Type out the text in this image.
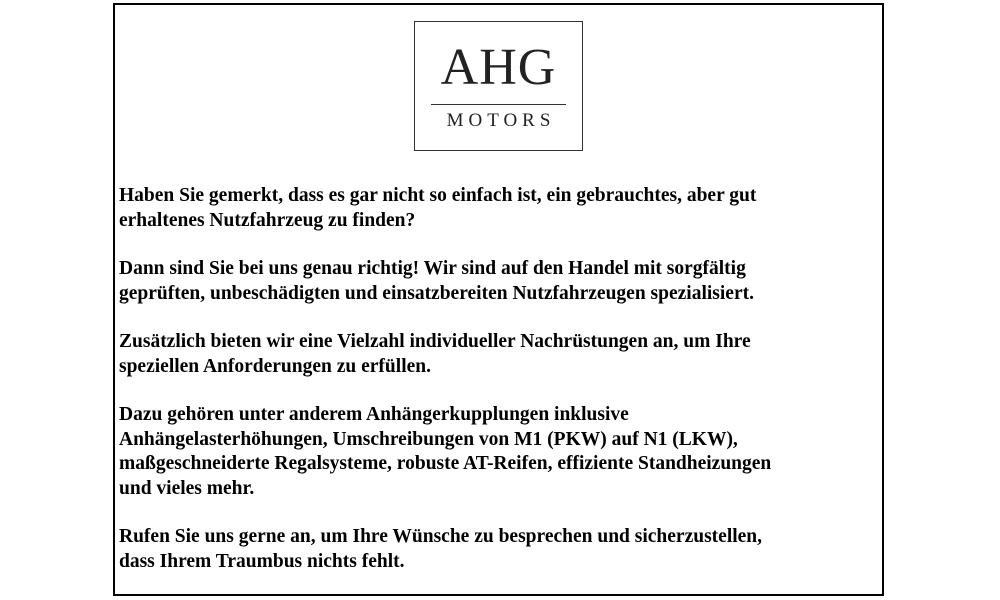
AHG
MOTORS

Haben Sie gemerkt, dass es gar nicht so einfach ist, ein gebrauchtes, aber gut
erhaltenes Nutzfahrzeug zu finden?

Dann sind Sie bei uns genau richtig! Wir sind auf den Handel mit sorgfältig
geprüften, unbeschädigten und einsatzbereiten Nutzfahrzeugen spezialisiert.

Zusätzlich bieten wir eine Vielzahl individueller Nachrüstungen an, um Ihre
speziellen Anforderungen zu erfüllen.

Dazu gehören unter anderem Anhängerkupplungen inklusive
Anhängelasterhöhungen, Umschreibungen von M1 (PKW) auf N1 (LKW),
maßgeschneiderte Regalsysteme, robuste AT-Reifen, effiziente Standheizungen
und vieles mehr.

Rufen Sie uns gerne an, um Ihre Wünsche zu besprechen und sicherzustellen,
dass Ihrem Traumbus nichts fehlt.
